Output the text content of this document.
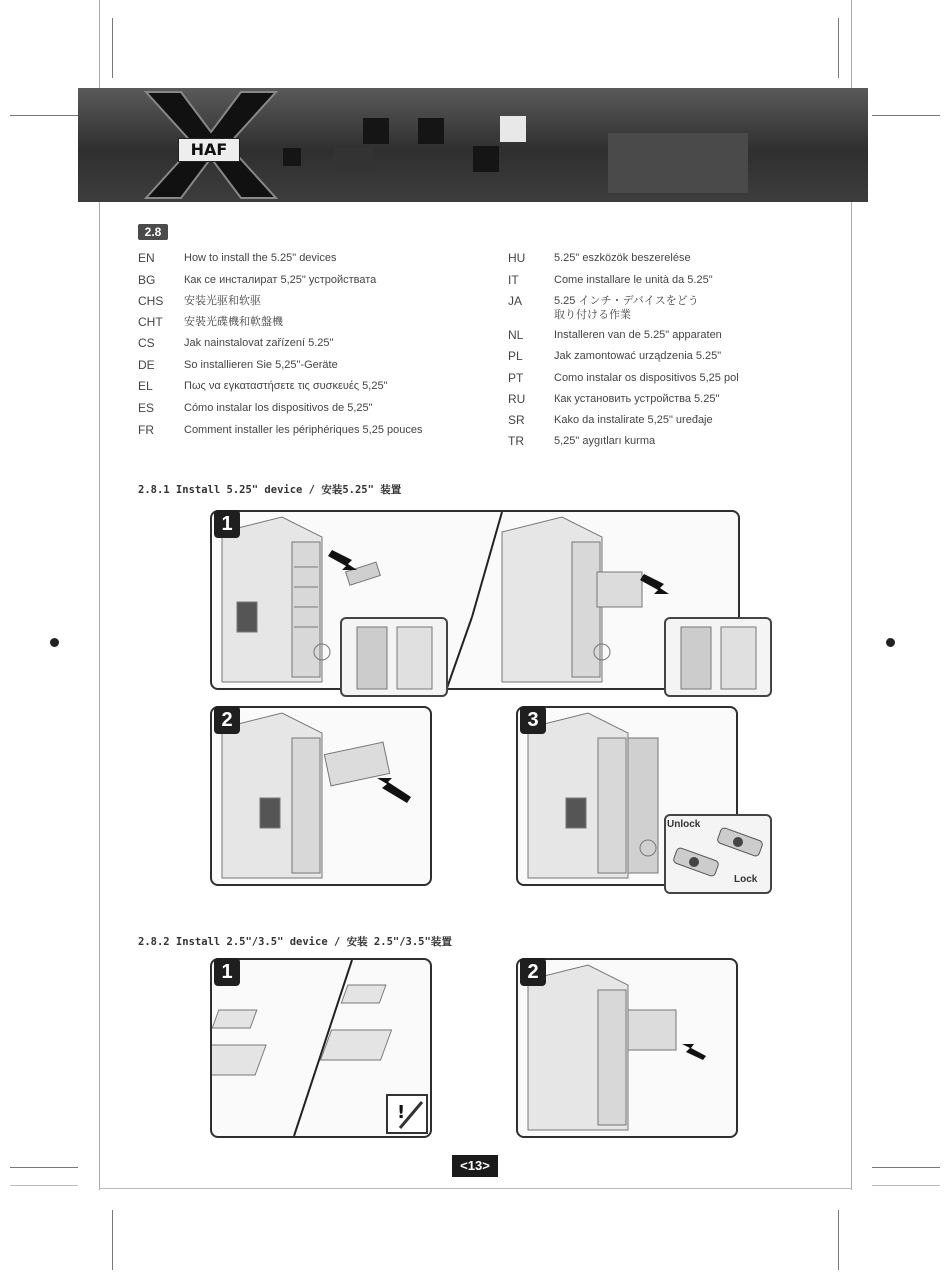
HAF
2.8
EN	How to install the 5.25" devices
BG	Как се инсталират 5,25" устройствата
CHS	安装光驱和软驱
CHT	安裝光碟機和軟盤機
CS	Jak nainstalovat zařízení 5.25"
DE	So installieren Sie 5,25"-Geräte
EL	Πως να εγκαταστήσετε τις συσκευές 5,25"
ES	Cómo instalar los dispositivos de 5,25"
FR	Comment installer les périphériques 5,25 pouces
HU	5.25" eszközök beszerelése
IT	Come installare le unità da 5.25"
JA	5.25 インチ・デバイスをどう
取り付ける作業
NL	Installeren van de 5.25" apparaten
PL	Jak zamontować urządzenia 5.25"
PT	Como instalar os dispositivos 5,25 pol
RU	Как установить устройства 5.25"
SR	Kako da instalirate 5,25" uređaje
TR	5,25" aygıtları kurma
2.8.1 Install 5.25" device / 安装5.25" 装置
1
2	3
Unlock
Lock
2.8.2 Install 2.5"/3.5" device / 安装 2.5"/3.5"装置
!
1	2
<13>
